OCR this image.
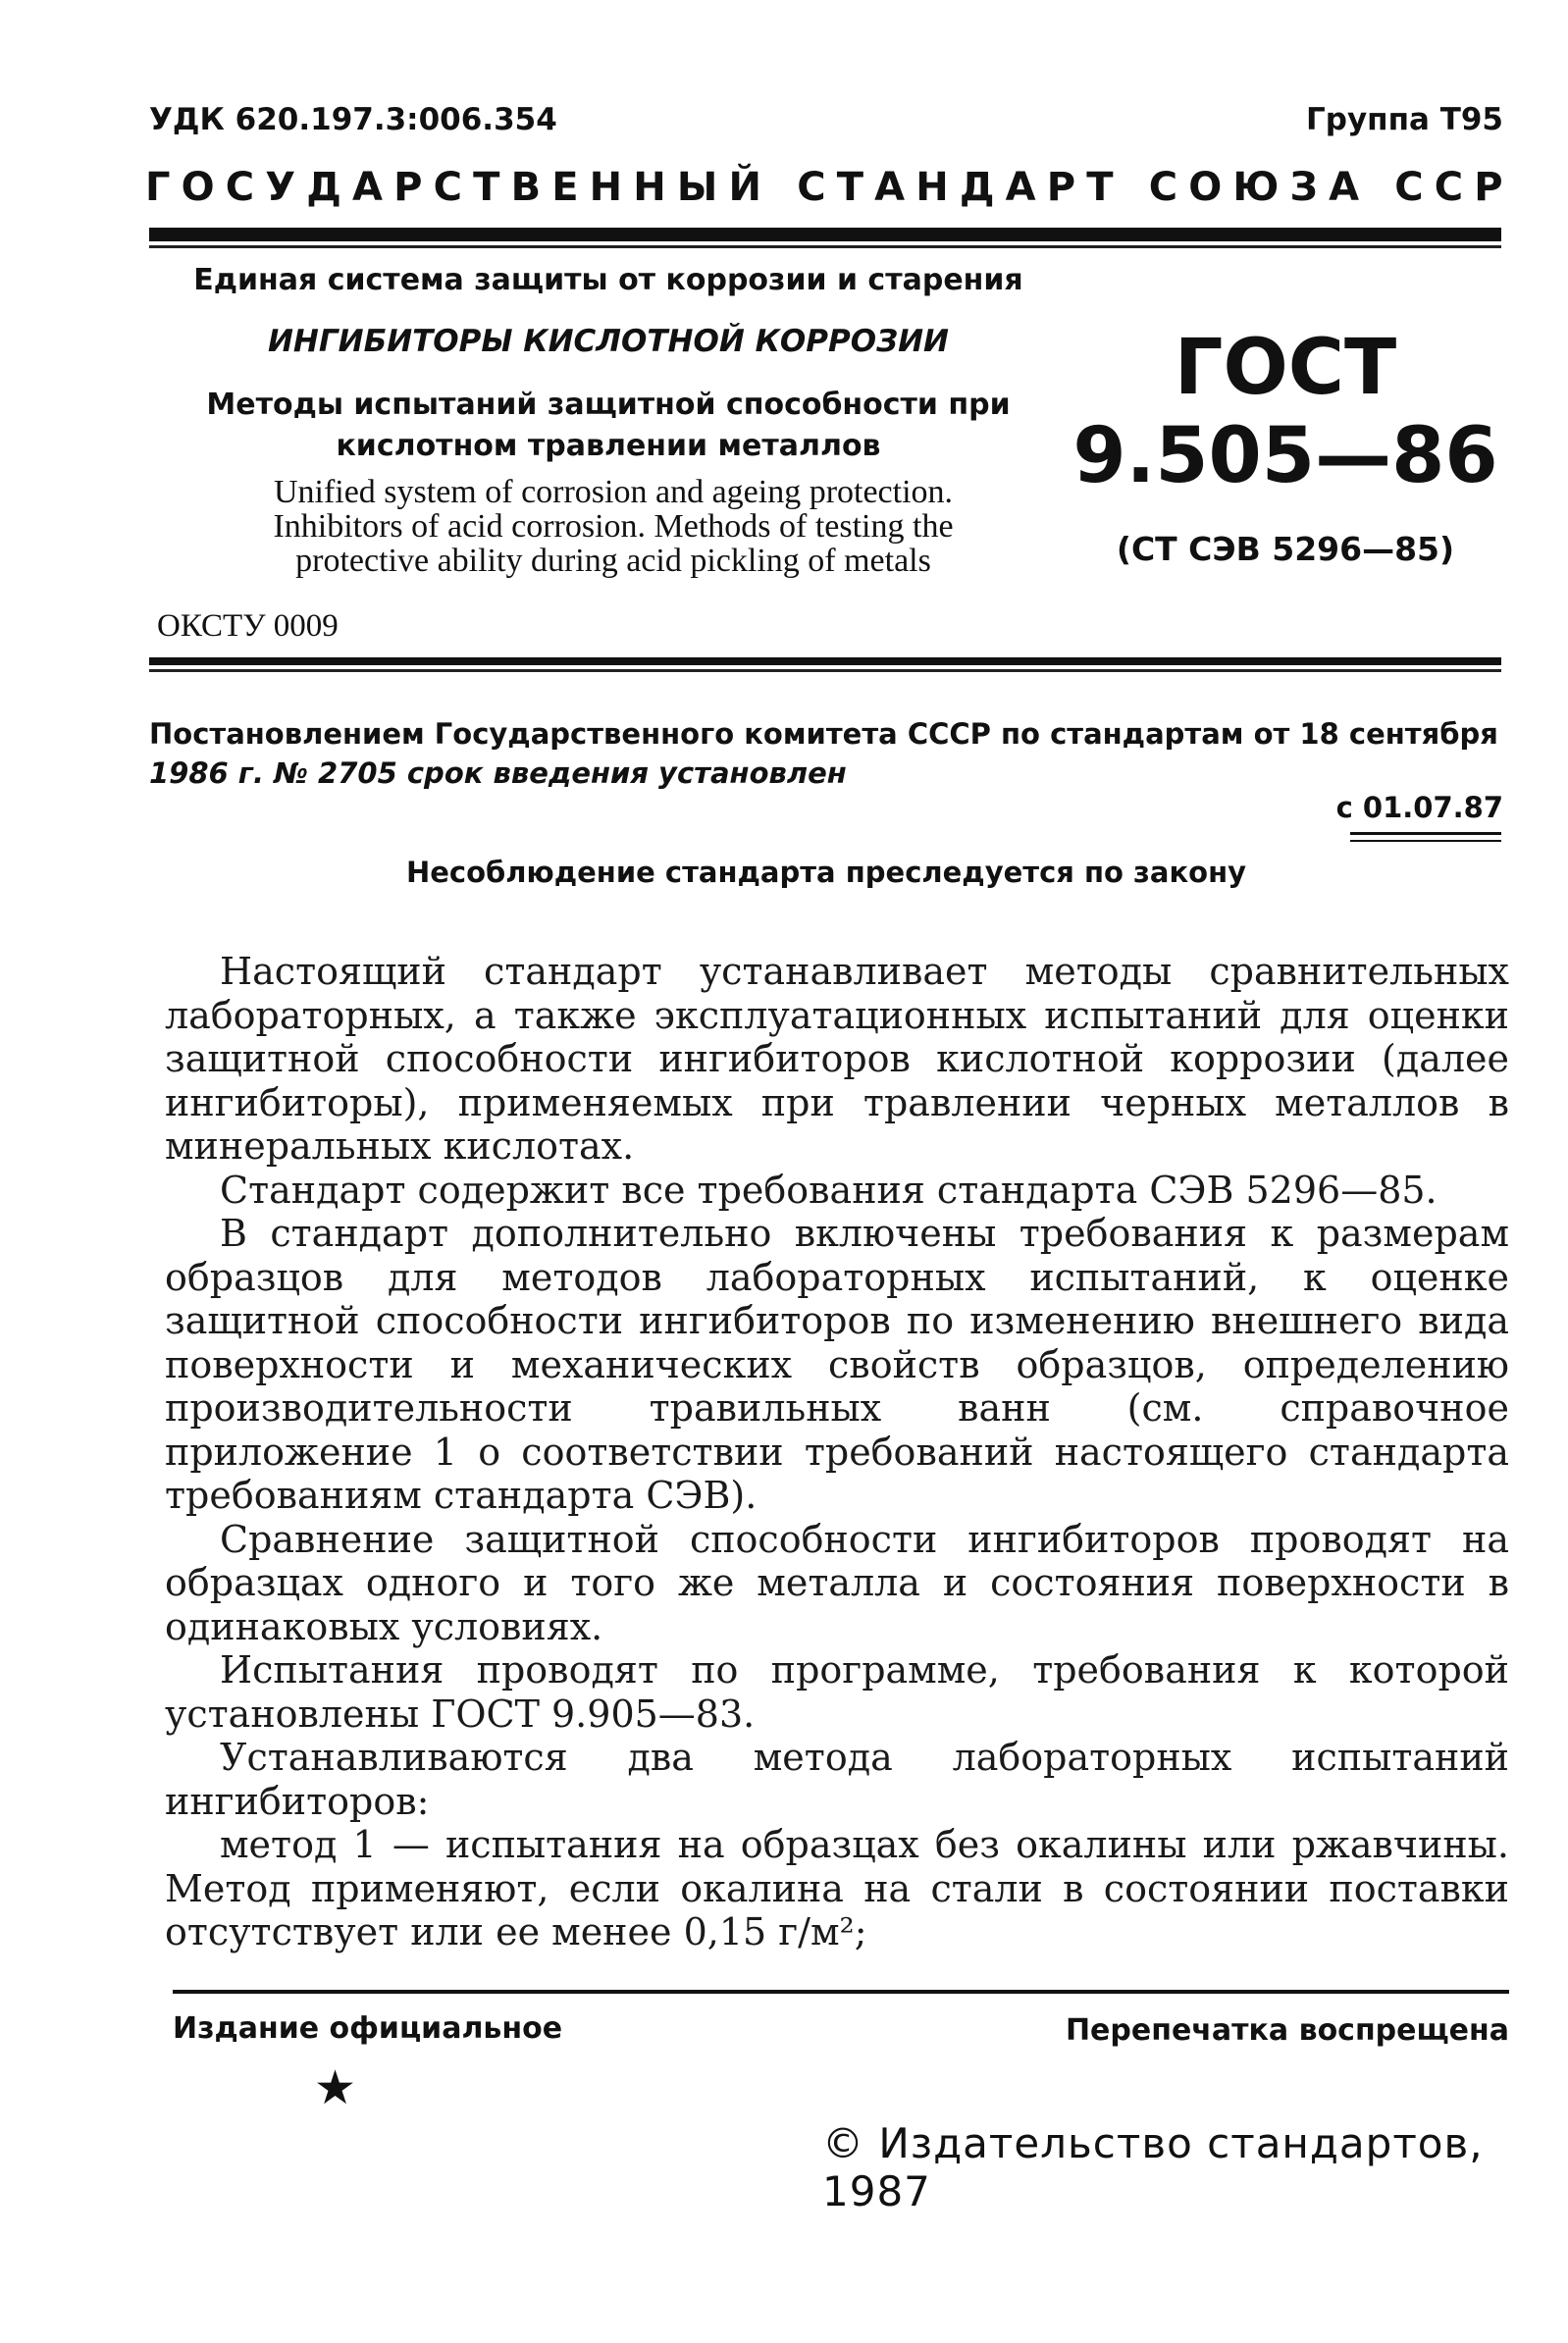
УДК 620.197.3:006.354	Группа Т95
Г О С У Д А Р С Т В Е Н Н Ы Й
С Т А Н Д А Р Т
С О Ю З А
С С Р
Единая система защиты от коррозии и старения
ИНГИБИТОРЫ КИСЛОТНОЙ КОРРОЗИИ
Методы испытаний защитной способности при
кислотном травлении металлов
Unified system of corrosion and ageing protection.
Inhibitors of acid corrosion. Methods of testing the
protective ability during acid pickling of metals
ОКСТУ 0009
ГОСТ
9.505—86
(СТ СЭВ 5296—85)
Постановлением Государственного комитета СССР по стандартам от 18 сентября
1986 г. № 2705 срок введения установлен
с 01.07.87
Несоблюдение стандарта преследуется по закону

Настоящий стандарт устанавливает методы сравнительных лабораторных, а также эксплуатационных испытаний для оценки защитной способности ингибиторов кислотной коррозии (далее ингибиторы), применяемых при травлении черных металлов в минеральных кислотах.

Стандарт содержит все требования стандарта СЭВ 5296—85.

В стандарт дополнительно включены требования к размерам образцов для методов лабораторных испытаний, к оценке защитной способности ингибиторов по изменению внешнего вида поверхности и механических свойств образцов, определению производительности травильных ванн (см. справочное приложение 1 о соответствии требований настоящего стандарта требованиям стандарта СЭВ).

Сравнение защитной способности ингибиторов проводят на образцах одного и того же металла и состояния поверхности в одинаковых условиях.

Испытания проводят по программе, требования к которой установлены ГОСТ 9.905—83.

Устанавливаются два метода лабораторных испытаний ингибиторов:

метод 1 — испытания на образцах без окалины или ржавчины. Метод применяют, если окалина на стали в состоянии поставки отсутствует или ее менее 0,15 г/м²;

Издание официальное	Перепечатка воспрещена
★
© Издательство стандартов, 1987
